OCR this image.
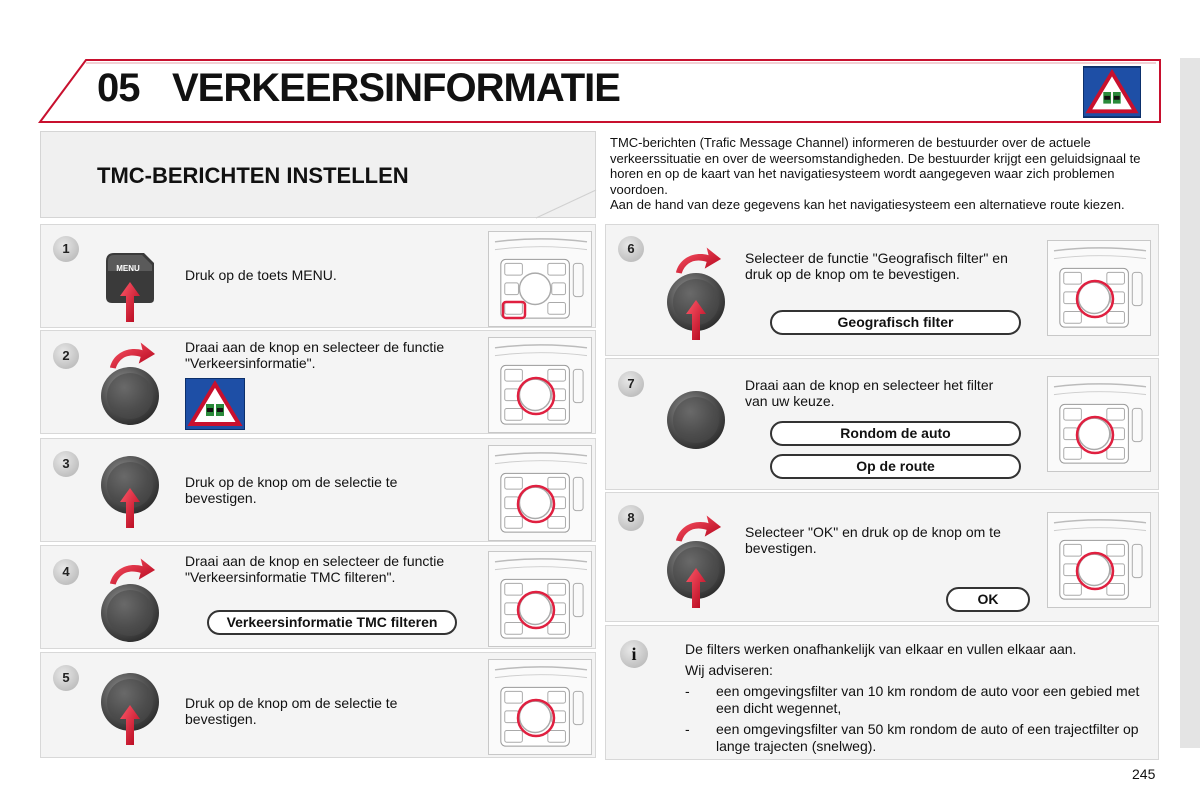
05 VERKEERSINFORMATIE
TMC-BERICHTEN INSTELLEN

TMC-berichten (Trafic Message Channel) informeren de bestuurder over de actuele verkeerssituatie en over de weersomstandigheden. De bestuurder krijgt een geluidsignaal te horen en op de kaart van het navigatiesysteem wordt aangegeven waar zich problemen voordoen.

Aan de hand van deze gegevens kan het navigatiesysteem een alternatieve route kiezen.

1
MENU	Druk op de toets MENU.
2
Draai aan de knop en selecteer de functie "Verkeersinformatie".
3
Druk op de knop om de selectie te bevestigen.
4
Draai aan de knop en selecteer de functie "Verkeersinformatie TMC filteren".
Verkeersinformatie TMC filteren
5
Druk op de knop om de selectie te bevestigen.
6
Selecteer de functie "Geografisch filter" en druk op de knop om te bevestigen.
Geografisch filter
7	Draai aan de knop en selecteer het filter van uw keuze.
Rondom de auto
Op de route
8
Selecteer "OK" en druk op de knop om te bevestigen.
OK
i	De filters werken onafhankelijk van elkaar en vullen elkaar aan.
Wij adviseren:
-	een omgevingsfilter van 10 km rondom de auto voor een gebied met een dicht wegennet,
-	een omgevingsfilter van 50 km rondom de auto of een trajectfilter op lange trajecten (snelweg).
245
